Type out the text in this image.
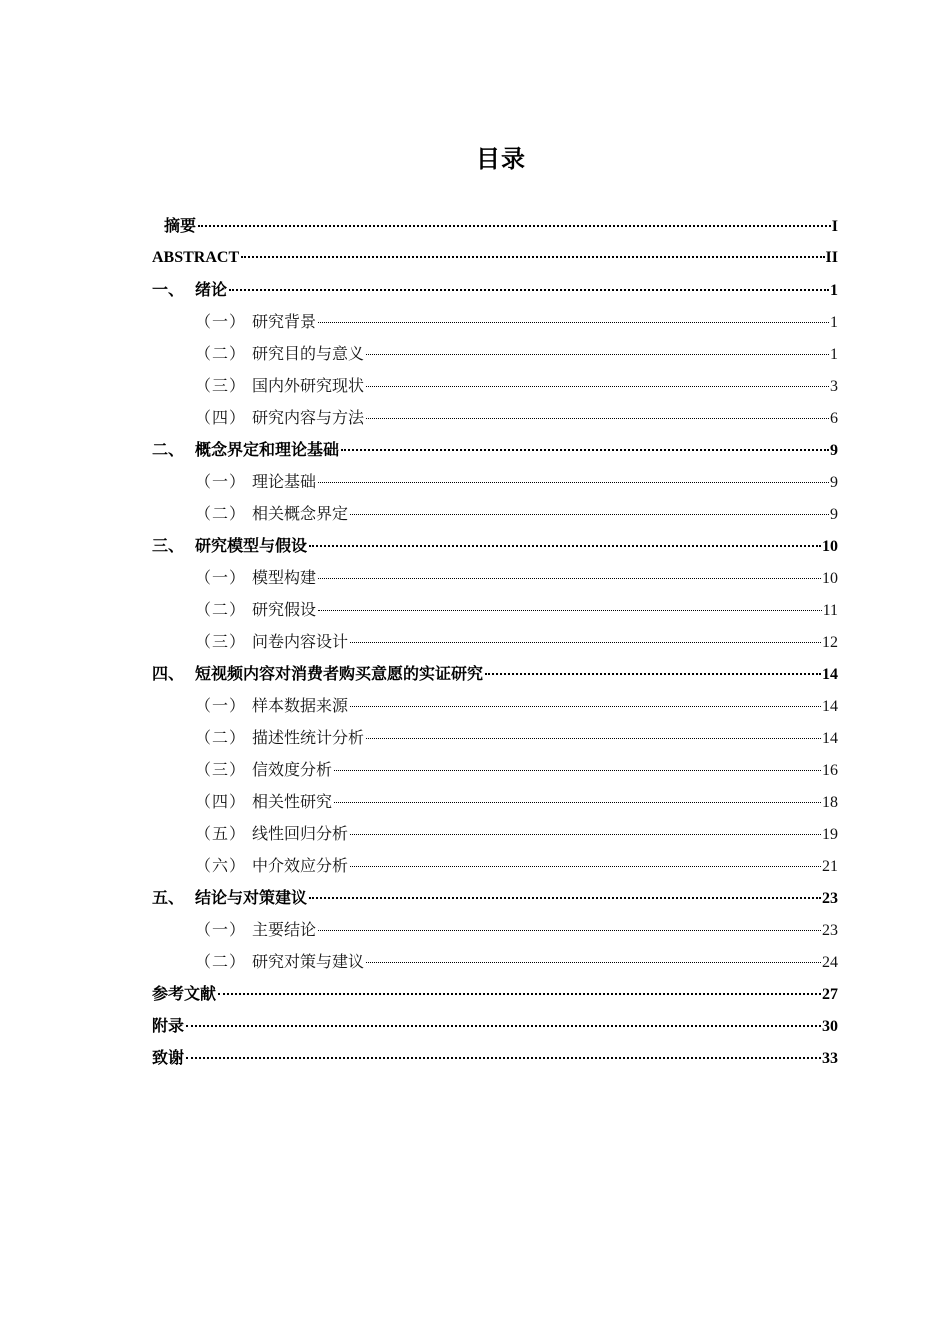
目录
摘要	I
ABSTRACT	II
一、 绪论	1
（一） 研究背景	1
（二） 研究目的与意义	1
（三） 国内外研究现状	3
（四） 研究内容与方法	6
二、 概念界定和理论基础	9
（一） 理论基础	9
（二） 相关概念界定	9
三、 研究模型与假设	10
（一） 模型构建	10
（二） 研究假设	11
（三） 问卷内容设计	12
四、 短视频内容对消费者购买意愿的实证研究	14
（一） 样本数据来源	14
（二） 描述性统计分析	14
（三） 信效度分析	16
（四） 相关性研究	18
（五） 线性回归分析	19
（六） 中介效应分析	21
五、 结论与对策建议	23
（一） 主要结论	23
（二） 研究对策与建议	24
参考文献	27
附录	30
致谢	33
